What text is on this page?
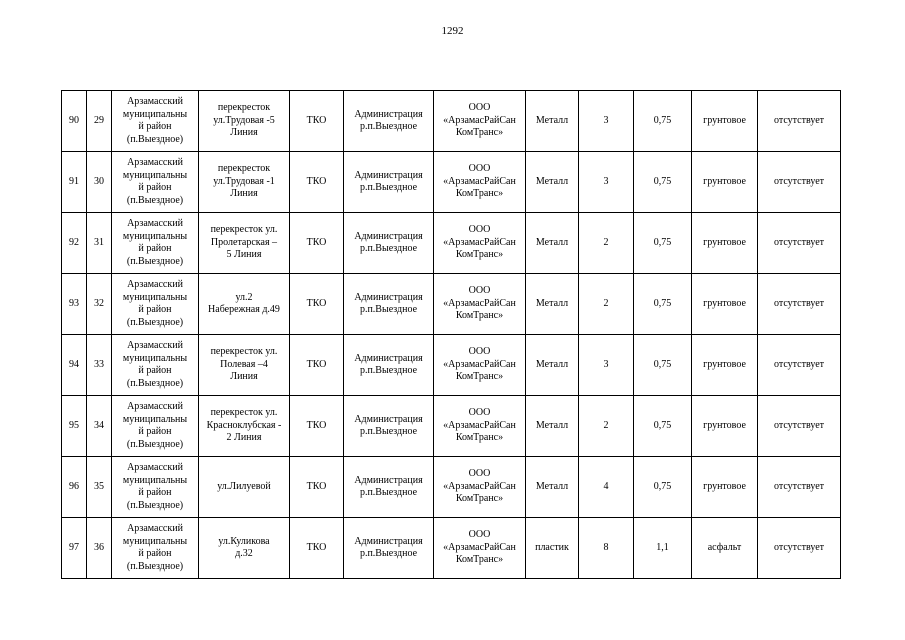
1292
90	29	Арзамасский
муниципальны
й район
(п.Выездное)	перекресток
ул.Трудовая -5
Линия	ТКО	Администрация
р.п.Выездное	ООО
«АрзамасРайСан
КомТранс»	Металл	3	0,75	грунтовое	отсутствует
91	30	Арзамасский
муниципальны
й район
(п.Выездное)	перекресток
ул.Трудовая -1
Линия	ТКО	Администрация
р.п.Выездное	ООО
«АрзамасРайСан
КомТранс»	Металл	3	0,75	грунтовое	отсутствует
92	31	Арзамасский
муниципальны
й район
(п.Выездное)	перекресток ул.
Пролетарская –
5 Линия	ТКО	Администрация
р.п.Выездное	ООО
«АрзамасРайСан
КомТранс»	Металл	2	0,75	грунтовое	отсутствует
93	32	Арзамасский
муниципальны
й район
(п.Выездное)	ул.2
Набережная д.49	ТКО	Администрация
р.п.Выездное	ООО
«АрзамасРайСан
КомТранс»	Металл	2	0,75	грунтовое	отсутствует
94	33	Арзамасский
муниципальны
й район
(п.Выездное)	перекресток ул.
Полевая –4
Линия	ТКО	Администрация
р.п.Выездное	ООО
«АрзамасРайСан
КомТранс»	Металл	3	0,75	грунтовое	отсутствует
95	34	Арзамасский
муниципальны
й район
(п.Выездное)	перекресток ул.
Красноклубская -
2 Линия	ТКО	Администрация
р.п.Выездное	ООО
«АрзамасРайСан
КомТранс»	Металл	2	0,75	грунтовое	отсутствует
96	35	Арзамасский
муниципальны
й район
(п.Выездное)	ул.Лилуевой	ТКО	Администрация
р.п.Выездное	ООО
«АрзамасРайСан
КомТранс»	Металл	4	0,75	грунтовое	отсутствует
97	36	Арзамасский
муниципальны
й район
(п.Выездное)	ул.Куликова
д.32	ТКО	Администрация
р.п.Выездное	ООО
«АрзамасРайСан
КомТранс»	пластик	8	1,1	асфальт	отсутствует
